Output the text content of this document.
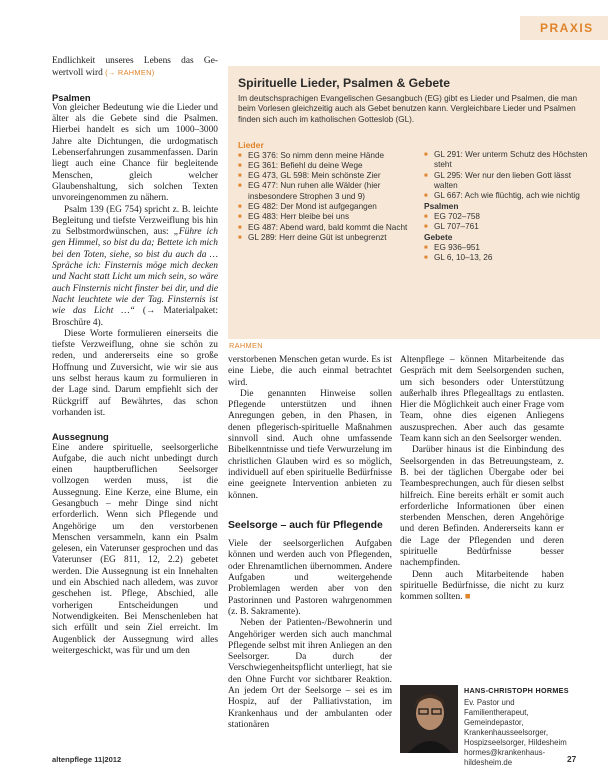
PRAXIS

Endlichkeit unseres Lebens das Ge- wertvoll wird (→ RAHMEN)

Psalmen

Von gleicher Bedeutung wie die Lieder und älter als die Gebete sind die Psalmen. Hierbei handelt es sich um 1000–3000 Jahre alte Dichtungen, die urdogmatisch Lebenserfahrungen zusammenfassen. Darin liegt auch eine Chance für begleitende Menschen, gleich welcher Glaubenshaltung, sich solchen Texten unvoreingenommen zu nähern.

Psalm 139 (EG 754) spricht z. B. leichte Begleitung und tiefste Verzweiflung bis hin zu Selbstmordwünschen, aus: „Führe ich gen Himmel, so bist du da; Bettete ich mich bei den Toten, siehe, so bist du auch da … Spräche ich: Finsternis möge mich decken und Nacht statt Licht um mich sein, so wäre auch Finsternis nicht finster bei dir, und die Nacht leuchtete wie der Tag. Finsternis ist wie das Licht …“ (→ Materialpaket: Broschüre 4).

Diese Worte formulieren einerseits die tiefste Verzweiflung, ohne sie schön zu reden, und andererseits eine so große Hoffnung und Zuversicht, wie wir sie aus uns selbst heraus kaum zu formulieren in der Lage sind. Darum empfiehlt sich der Rückgriff auf Bewährtes, das schon vorhanden ist.

Aussegnung

Eine andere spirituelle, seelsorgerliche Aufgabe, die auch nicht unbedingt durch einen hauptberuflichen Seelsorger vollzogen werden muss, ist die Aussegnung. Eine Kerze, eine Blume, ein Gesangbuch – mehr Dinge sind nicht erforderlich. Wenn sich Pflegende und Angehörige um den verstorbenen Menschen versammeln, kann ein Psalm gelesen, ein Vaterunser gesprochen und das Vaterunser (EG 811, 12, 2.2) gebetet werden. Die Aussegnung ist ein Innehalten und ein Abschied nach alledem, was zuvor geschehen ist. Pflege, Abschied, alle vorherigen Entscheidungen und Notwendigkeiten. Bei Menschenleben hat sich erfüllt und sein Ziel erreicht. Im Augenblick der Aussegnung wird alles weitergeschickt, was für und um den

Spirituelle Lieder, Psalmen & Gebete
Im deutschsprachigen Evangelischen Gesangbuch (EG) gibt es Lieder und Psalmen, die man beim Vorlesen gleichzeitig auch als Gebet benutzen kann. Vergleichbare Lieder und Psalmen finden sich auch im katholischen Gotteslob (GL).
Lieder
■ EG 376: So nimm denn meine Hände
■ EG 361: Befiehl du deine Wege
■ EG 473, GL 598: Mein schönste Zier
■ EG 477: Nun ruhen alle Wälder (hier insbesondere Strophen 3 und 9)
■ EG 482: Der Mond ist aufgegangen
■ EG 483: Herr bleibe bei uns
■ EG 487: Abend ward, bald kommt die Nacht
■ GL 289: Herr deine Güt ist unbegrenzt
■ GL 291: Wer unterm Schutz des Höchsten steht
■ GL 295: Wer nur den lieben Gott lässt walten
■ GL 667: Ach wie flüchtig, ach wie nichtig
Psalmen
■ EG 702–758
■ GL 707–761
Gebete
■ EG 936–951
■ GL 6, 10–13, 26
RAHMEN

verstorbenen Menschen getan wurde. Es ist eine Liebe, die auch einmal betrachtet wird.

Die genannten Hinweise sollen Pflegende unterstützen und ihnen Anregungen geben, in den Phasen, in denen pflegerisch-spirituelle Maßnahmen sinnvoll sind. Auch ohne umfassende Bibelkenntnisse und tiefe Verwurzelung im christlichen Glauben wird es so möglich, individuell auf eben spirituelle Bedürfnisse eine geeignete Intervention anbieten zu können.

Seelsorge – auch für Pflegende

Viele der seelsorgerlichen Aufgaben können und werden auch von Pflegenden, oder Ehrenamtlichen übernommen. Andere Aufgaben und weitergehende Problemlagen werden aber von den Pastorinnen und Pastoren wahrgenommen (z. B. Sakramente).

Neben der Patienten-/Bewohnerin und Angehöriger werden sich auch manchmal Pflegende selbst mit ihren Anliegen an den Seelsorger. Da durch der Verschwiegenheitspflicht unterliegt, hat sie den Ohne Furcht vor sichtbarer Reaktion. An jedem Ort der Seelsorge – sei es im Hospiz, auf der Palliativstation, im Krankenhaus und der ambulanten oder stationären

Altenpflege – können Mitarbeitende das Gespräch mit dem Seelsorgenden suchen, um sich besonders oder Unterstützung außerhalb ihres Pflegealltags zu entlasten. Hier die Möglichkeit auch einer Frage vom Team, ohne dies eigenen Anliegens auszusprechen. Aber auch das gesamte Team kann sich an den Seelsorger wenden.

Darüber hinaus ist die Einbindung des Seelsorgenden in das Betreuungsteam, z. B. bei der täglichen Übergabe oder bei Teambesprechungen, auch für diesen selbst hilfreich. Eine bereits erhält er somit auch erforderliche Informationen über einen sterbenden Menschen, deren Angehörige und deren Befinden. Andererseits kann er die Lage der Pflegenden und deren spirituelle Bedürfnisse besser nachempfinden.

Denn auch Mitarbeitende haben spirituelle Bedürfnisse, die nicht zu kurz kommen sollten. ■

HANS-CHRISTOPH HORMES
Ev. Pastor und Familientherapeut, Gemeindepastor, Krankenhausseelsorger, Hospizseelsorger, Hildesheim hormes@krankenhaus-hildesheim.de
altenpflege 11|2012	27
